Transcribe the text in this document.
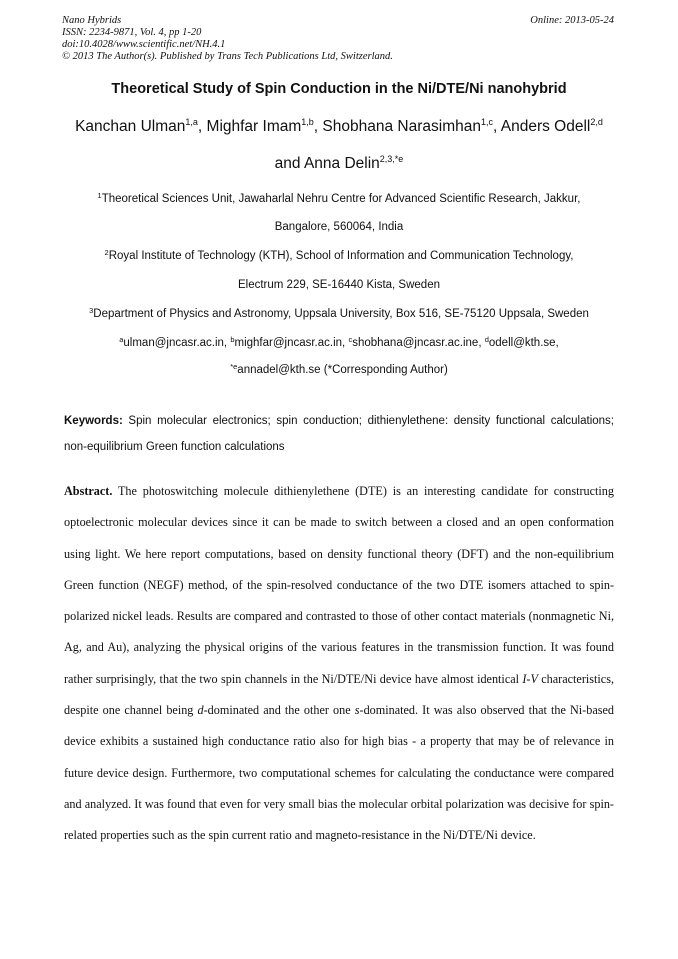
Nano Hybrids
ISSN: 2234-9871, Vol. 4, pp 1-20
doi:10.4028/www.scientific.net/NH.4.1
© 2013 The Author(s). Published by Trans Tech Publications Ltd, Switzerland.
Online: 2013-05-24
Theoretical Study of Spin Conduction in the Ni/DTE/Ni nanohybrid
Kanchan Ulman$^{1,a}$, Mighfar Imam$^{1,b}$, Shobhana Narasimhan$^{1,c}$, Anders Odell$^{2,d}$
and Anna Delin$^{2,3,*e}$
$^1$Theoretical Sciences Unit, Jawaharlal Nehru Centre for Advanced Scientific Research, Jakkur,
Bangalore, 560064, India
$^2$Royal Institute of Technology (KTH), School of Information and Communication Technology,
Electrum 229, SE-16440 Kista, Sweden
$^3$Department of Physics and Astronomy, Uppsala University, Box 516, SE-75120 Uppsala, Sweden
$^a$ulman@jncasr.ac.in, $^b$mighfar@jncasr.ac.in, $^c$shobhana@jncasr.ac.ine, $^d$odell@kth.se,
$^{*e}$annadel@kth.se (*Corresponding Author)
Keywords: Spin molecular electronics; spin conduction; dithienylethene: density functional calculations; non-equilibrium Green function calculations
Abstract. The photoswitching molecule dithienylethene (DTE) is an interesting candidate for constructing optoelectronic molecular devices since it can be made to switch between a closed and an open conformation using light. We here report computations, based on density functional theory (DFT) and the non-equilibrium Green function (NEGF) method, of the spin-resolved conductance of the two DTE isomers attached to spin-polarized nickel leads. Results are compared and contrasted to those of other contact materials (nonmagnetic Ni, Ag, and Au), analyzing the physical origins of the various features in the transmission function. It was found rather surprisingly, that the two spin channels in the Ni/DTE/Ni device have almost identical I-V characteristics, despite one channel being d-dominated and the other one s-dominated. It was also observed that the Ni-based device exhibits a sustained high conductance ratio also for high bias - a property that may be of relevance in future device design. Furthermore, two computational schemes for calculating the conductance were compared and analyzed. It was found that even for very small bias the molecular orbital polarization was decisive for spin-related properties such as the spin current ratio and magneto-resistance in the Ni/DTE/Ni device.
